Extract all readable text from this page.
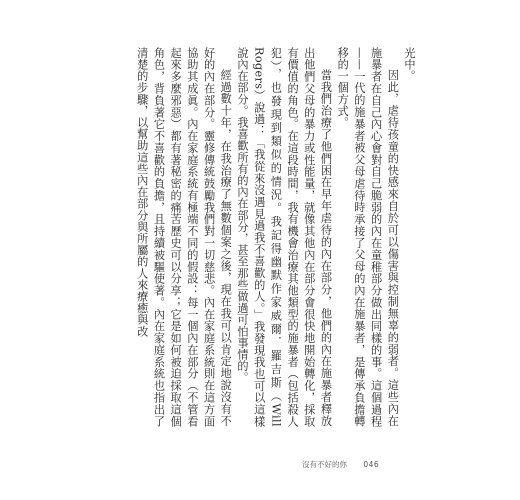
光中。

因此，虐待孩童的快感來自於可以傷害與控制無辜的弱者。這些內在施暴者在自己內心會對自己脆弱的內在童稚部分做出同樣的事。這個過程——一代的施暴者被父母虐待時承接了父母的內在施暴者，是傳承負擔轉移的一個方式。

當我們治療了他們困在早年虐待的內在部分，他們的內在施暴者釋放出他們父母的暴力或性能量，就像其他內在部分會很快地開始轉化，採取有價值的角色。在這段時間，我有機會治療其他類型的施暴者（包括殺人犯），也發現到類似的情況。我記得幽默作家威爾．羅吉斯（Will Rogers）說過：「我從來沒遇見過我不喜歡的人。」我發現我也可以這樣說內在部分。我喜歡所有的內在部分，甚至那些做過可怕事情的。

經過數十年，在我治療了無數個案之後，現在我可以肯定地說沒有不好的內在部分。靈修傳統鼓勵我們對一切慈悲。內在家庭系統則在這方面協助其成眞。內在家庭系統有極端不同的假設：每一個內在部分（不管看起來多麼邪惡）都有著秘密的痛苦歷史可以分享；它是如何被迫採取這個角色，背負著它不喜歡的負擔，且持續被驅使著。內在家庭系統也指出了清楚的步驟，以幫助這些內在部分與所屬的人來療癒與改

沒有不好的你 046
